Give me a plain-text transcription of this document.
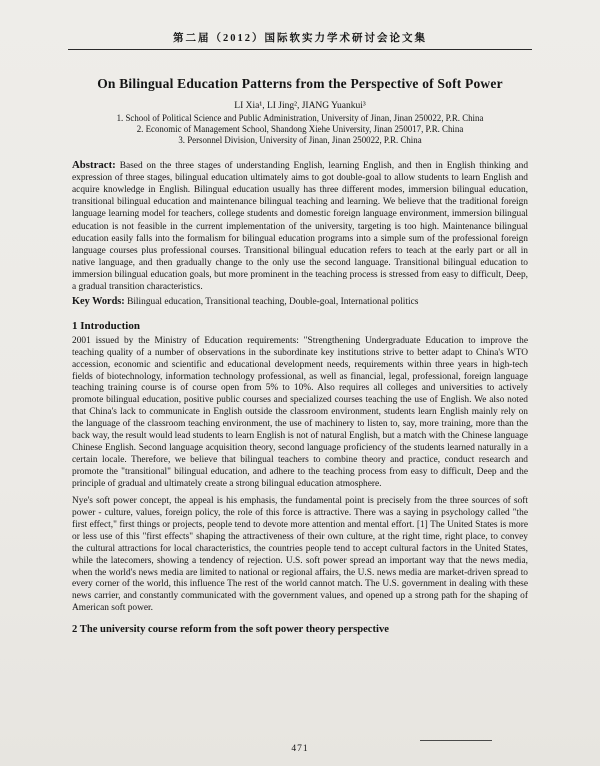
第二届（2012）国际软实力学术研讨会论文集
On Bilingual Education Patterns from the Perspective of Soft Power
LI Xia¹, LI Jing², JIANG Yuankui³
1. School of Political Science and Public Administration, University of Jinan, Jinan 250022, P.R. China
2. Economic of Management School, Shandong Xiehe University, Jinan 250017, P.R. China
3. Personnel Division, University of Jinan, Jinan 250022, P.R. China

Abstract: Based on the three stages of understanding English, learning English, and then in English thinking and expression of three stages, bilingual education ultimately aims to got double-goal to allow students to learn English and acquire knowledge in English. Bilingual education usually has three different modes, immersion bilingual education, transitional bilingual education and maintenance bilingual teaching and learning. We believe that the traditional foreign language learning model for teachers, college students and domestic foreign language environment, immersion bilingual education is not feasible in the current implementation of the university, targeting is too high. Maintenance bilingual education easily falls into the formalism for bilingual education programs into a simple sum of the professional foreign language courses plus professional courses. Transitional bilingual education refers to teach at the early part or all in native language, and then gradually change to the only use the second language. Transitional bilingual education to immersion bilingual education goals, but more prominent in the teaching process is stressed from easy to difficult, Deep, a gradual transition characteristics.

Key Words: Bilingual education, Transitional teaching, Double-goal, International politics

1 Introduction

2001 issued by the Ministry of Education requirements: "Strengthening Undergraduate Education to improve the teaching quality of a number of observations in the subordinate key institutions strive to better adapt to China's WTO accession, economic and scientific and educational development needs, requirements within three years in high-tech fields of biotechnology, information technology professional, as well as financial, legal, professional, foreign language teaching training course is of course open from 5% to 10%. Also requires all colleges and universities to actively promote bilingual education, positive public courses and specialized courses teaching the use of English. We also noted that China's lack to communicate in English outside the classroom environment, students learn English mainly rely on the language of the classroom teaching environment, the use of machinery to listen to, say, more training, more than the back way, the result would lead students to learn English is not of natural English, but a match with the Chinese language Chinese English. Second language acquisition theory, second language proficiency of the students learned naturally in a certain locale. Therefore, we believe that bilingual teachers to combine theory and practice, conduct research and promote the "transitional" bilingual education, and adhere to the teaching process from easy to difficult, Deep and the principle of gradual and ultimately create a strong bilingual education atmosphere.

Nye's soft power concept, the appeal is his emphasis, the fundamental point is precisely from the three sources of soft power - culture, values, foreign policy, the role of this force is attractive. There was a saying in psychology called "the first effect," first things or projects, people tend to devote more attention and mental effort. [1] The United States is more or less use of this "first effects" shaping the attractiveness of their own culture, at the right time, right place, to convey the cultural attractions for local characteristics, the countries people tend to accept cultural factors in the United States, while the latecomers, showing a tendency of rejection. U.S. soft power spread an important way that the news media, when the world's news media are limited to national or regional affairs, the U.S. news media are market-driven spread to every corner of the world, this influence The rest of the world cannot match. The U.S. government in dealing with these news carrier, and constantly communicated with the government values, and opened up a strong path for the shaping of American soft power.

2 The university course reform from the soft power theory perspective
471
